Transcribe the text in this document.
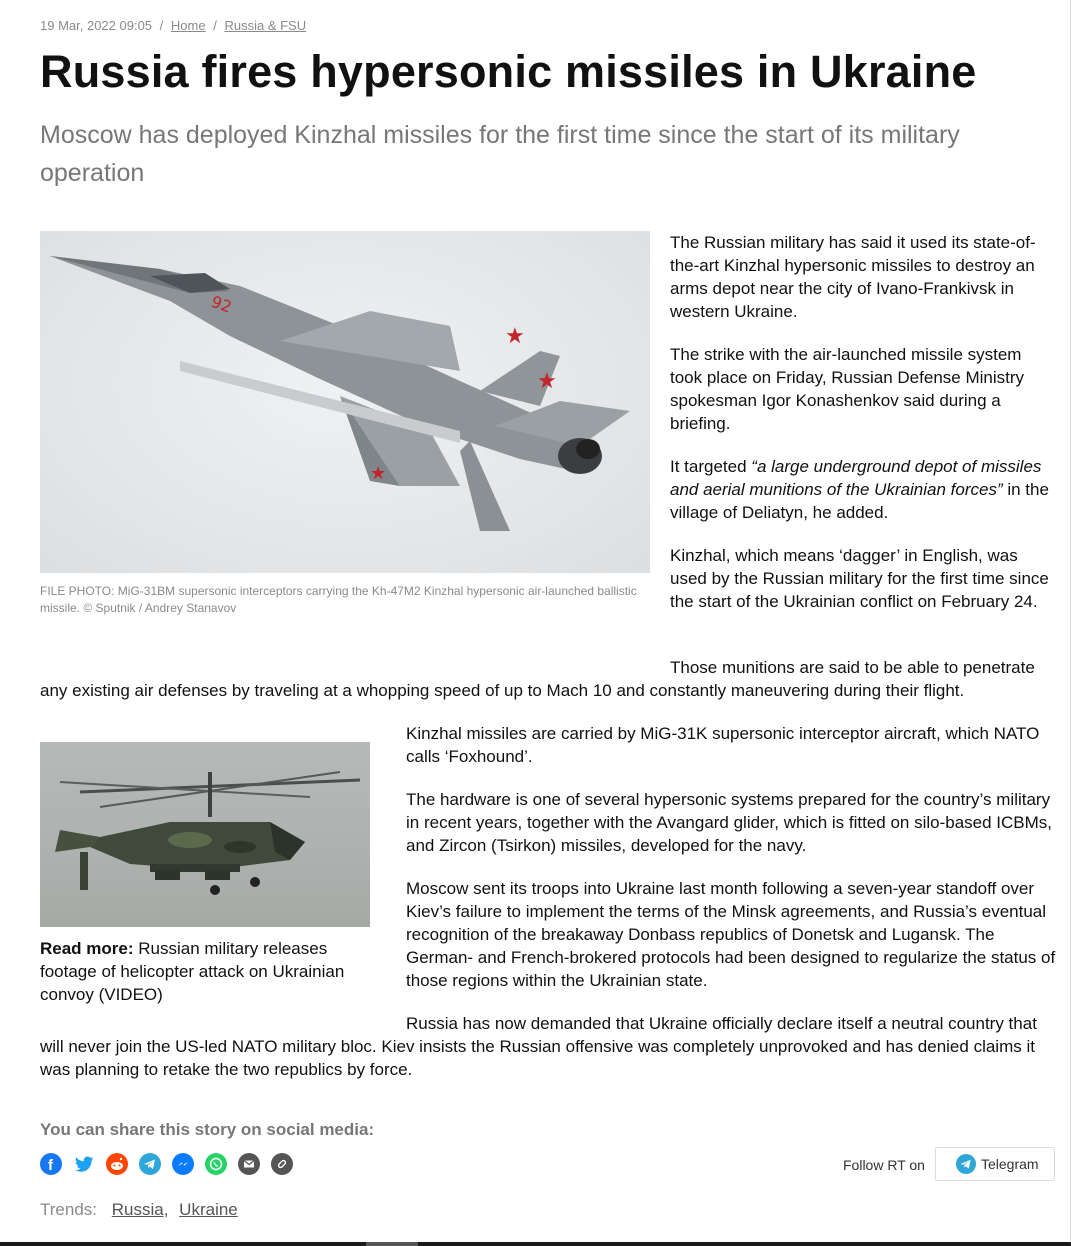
19 Mar, 2022 09:05 / Home / Russia & FSU
Russia fires hypersonic missiles in Ukraine

Moscow has deployed Kinzhal missiles for the first time since the start of its military operation

★
★
★
92
FILE PHOTO: MiG-31BM supersonic interceptors carrying the Kh-47M2 Kinzhal hypersonic air-launched ballistic missile. © Sputnik / Andrey Stanavov

The Russian military has said it used its state-of-the-art Kinzhal hypersonic missiles to destroy an arms depot near the city of Ivano-Frankivsk in western Ukraine.

The strike with the air-launched missile system took place on Friday, Russian Defense Ministry spokesman Igor Konashenkov said during a briefing.

It targeted “a large underground depot of missiles and aerial munitions of the Ukrainian forces” in the village of Deliatyn, he added.

Kinzhal, which means ‘dagger’ in English, was used by the Russian military for the first time since the start of the Ukrainian conflict on February 24.

Those munitions are said to be able to penetrate any existing air defenses by traveling at a whopping speed of up to Mach 10 and constantly maneuvering during their flight.

Read more: Russian military releases footage of helicopter attack on Ukrainian convoy (VIDEO)

Kinzhal missiles are carried by MiG-31K supersonic interceptor aircraft, which NATO calls ‘Foxhound’.

The hardware is one of several hypersonic systems prepared for the country’s military in recent years, together with the Avangard glider, which is fitted on silo-based ICBMs, and Zircon (Tsirkon) missiles, developed for the navy.

Moscow sent its troops into Ukraine last month following a seven-year standoff over Kiev’s failure to implement the terms of the Minsk agreements, and Russia’s eventual recognition of the breakaway Donbass republics of Donetsk and Lugansk. The German- and French-brokered protocols had been designed to regularize the status of those regions within the Ukrainian state.

Russia has now demanded that Ukraine officially declare itself a neutral country that will never join the US-led NATO military bloc. Kiev insists the Russian offensive was completely unprovoked and has denied claims it was planning to retake the two republics by force.

You can share this story on social media:
f	Follow RT on	Telegram
Trends: Russia, Ukraine
